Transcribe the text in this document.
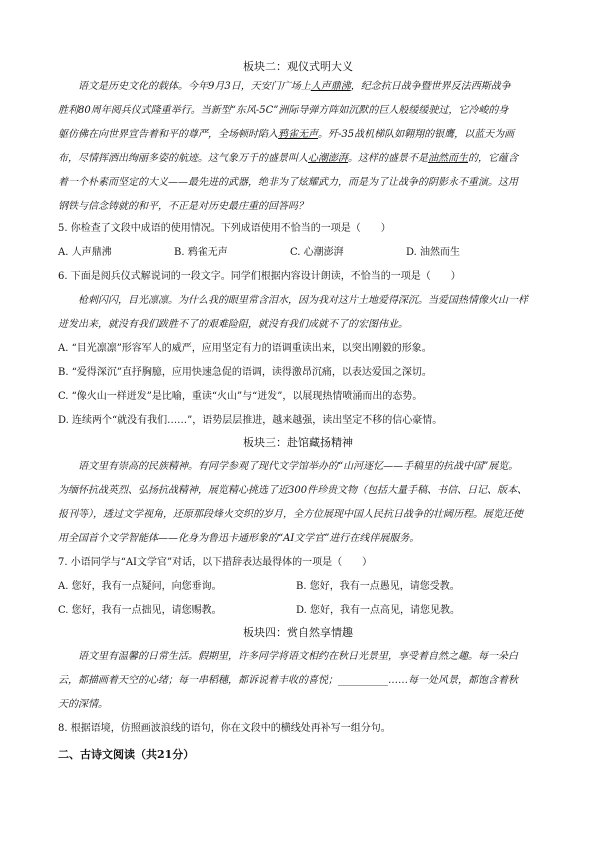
板块二：观仪式明大义
语文是历史文化的载体。今年9月3日，天安门广场上人声鼎沸，纪念抗日战争暨世界反法西斯战争
胜利80周年阅兵仪式隆重举行。当新型“东风-5C”洲际导弹方阵如沉默的巨人般缓缓驶过，它冷峻的身
躯仿佛在向世界宣告着和平的尊严，全场顿时陷入鸦雀无声。歼-35战机梯队如翱翔的银鹰，以蓝天为画
布，尽情挥洒出绚丽多姿的航迹。这气象万千的盛景叫人心潮澎湃。这样的盛景不是油然而生的，它蕴含
着一个朴素而坚定的大义——最先进的武器，绝非为了炫耀武力，而是为了让战争的阴影永不重演。这用
钢铁与信念铸就的和平，不正是对历史最庄重的回答吗？
5. 你检查了文段中成语的使用情况。下列成语使用不恰当的一项是（　　）
A. 人声鼎沸	B. 鸦雀无声	C. 心潮澎湃	D. 油然而生
6. 下面是阅兵仪式解说词的一段文字。同学们根据内容设计朗读，不恰当的一项是（　　）
枪刺闪闪，目光凛凛。为什么我的眼里常含泪水，因为我对这片土地爱得深沉。当爱国热情像火山一样
迸发出来，就没有我们跋胜不了的艰难险阻，就没有我们成就不了的宏图伟业。
A. “目光凛凛”形容军人的威严，应用坚定有力的语调重读出来，以突出刚毅的形象。
B. “爱得深沉”直抒胸臆，应用快速急促的语调，读得激昂沉痛，以表达爱国之深切。
C. “像火山一样迸发”是比喻，重读“火山”与“迸发”，以展现热情喷涌而出的态势。
D. 连续两个“就没有我们……”，语势层层推进，越来越强，读出坚定不移的信心豪情。
板块三：赴馆藏扬精神
语文里有崇高的民族精神。有同学参观了现代文学馆举办的“山河逐忆——手稿里的抗战中国”展览。
为缅怀抗战英烈、弘扬抗战精神，展览精心挑选了近300件珍贵文物（包括大量手稿、书信、日记、版本、
报刊等），透过文学视角，还原那段烽火交织的岁月，全方位展现中国人民抗日战争的壮阔历程。展览还使
用全国首个文学智能体——化身为鲁迅卡通形象的“AI文学官”进行在线伴展服务。
7. 小语同学与“AI文学官”对话，以下措辞表达最得体的一项是（　　）
A. 您好，我有一点疑问，向您垂询。	B. 您好，我有一点愚见，请您受教。
C. 您好，我有一点拙见，请您赐教。	D. 您好，我有一点高见，请您见教。
板块四：赏自然享情趣
语文里有温馨的日常生活。假期里，许多同学将语文相约在秋日光景里，享受着自然之趣。每一朵白
云，都描画着天空的心绪；每一串稻穗，都诉说着丰收的喜悦；__________……每一处风景，都饱含着秋
天的深情。
8. 根据语境，仿照画波浪线的语句，你在文段中的横线处再补写一组分句。
二、古诗文阅读（共21分）
